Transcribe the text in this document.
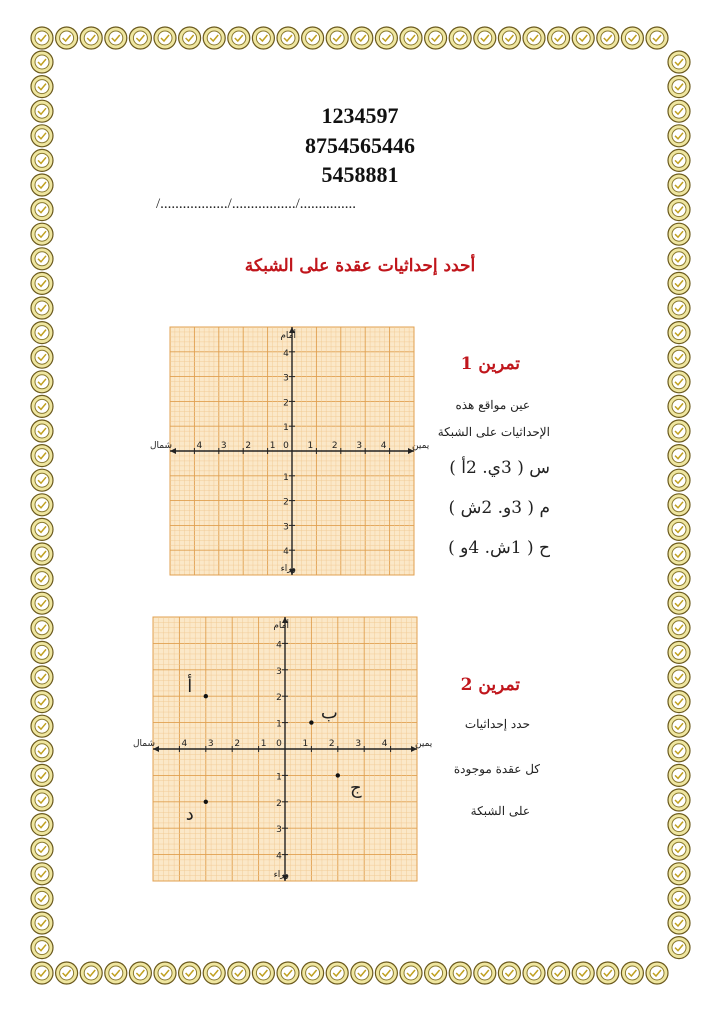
1234597
8754565446
5458881
/................../................./...............
أحدد إحداثيات عقدة على الشبكة
1 2 3 4
4 3 2 1
1
2
3
4
1
2
3
4
0
أمام
وراء
يمين
شمال
تمرين 1
عين مواقع هذه
الإحداثيات على الشبكة
س ( 3ي. 2أ )
م ( 3و. 2ش )
ح ( 1ش. 4و )
1 2 3 4
4 3 2 1
1
2
3
4
1
2
3
4
0
أمام
وراء
يمين
شمال
أ
ب
ج
د
تمرين 2
حدد إحداثيات
كل عقدة موجودة
على الشبكة
